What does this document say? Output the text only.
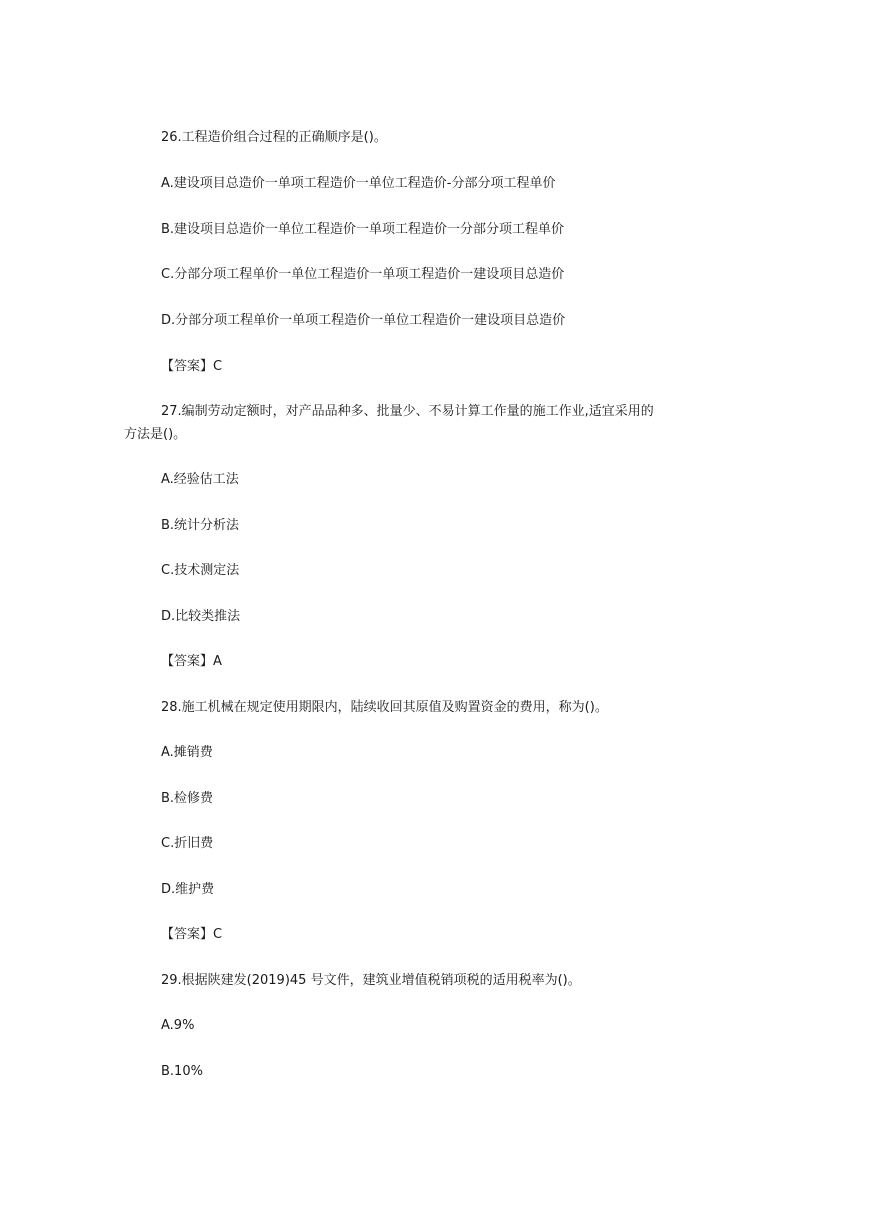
26.工程造价组合过程的正确顺序是()。

A.建设项目总造价一单项工程造价一单位工程造价-分部分项工程单价

B.建设项目总造价一单位工程造价一单项工程造价一分部分项工程单价

C.分部分项工程单价一单位工程造价一单项工程造价一建设项目总造价

D.分部分项工程单价一单项工程造价一单位工程造价一建设项目总造价

【答案】C

27.编制劳动定额时，对产品品种多、批量少、不易计算工作量的施工作业,适宜采用的

方法是()。

A.经验估工法

B.统计分析法

C.技术测定法

D.比较类推法

【答案】A

28.施工机械在规定使用期限内，陆续收回其原值及购置资金的费用，称为()。

A.摊销费

B.检修费

C.折旧费

D.维护费

【答案】C

29.根据陕建发(2019)45 号文件，建筑业增值税销项税的适用税率为()。

A.9%

B.10%
